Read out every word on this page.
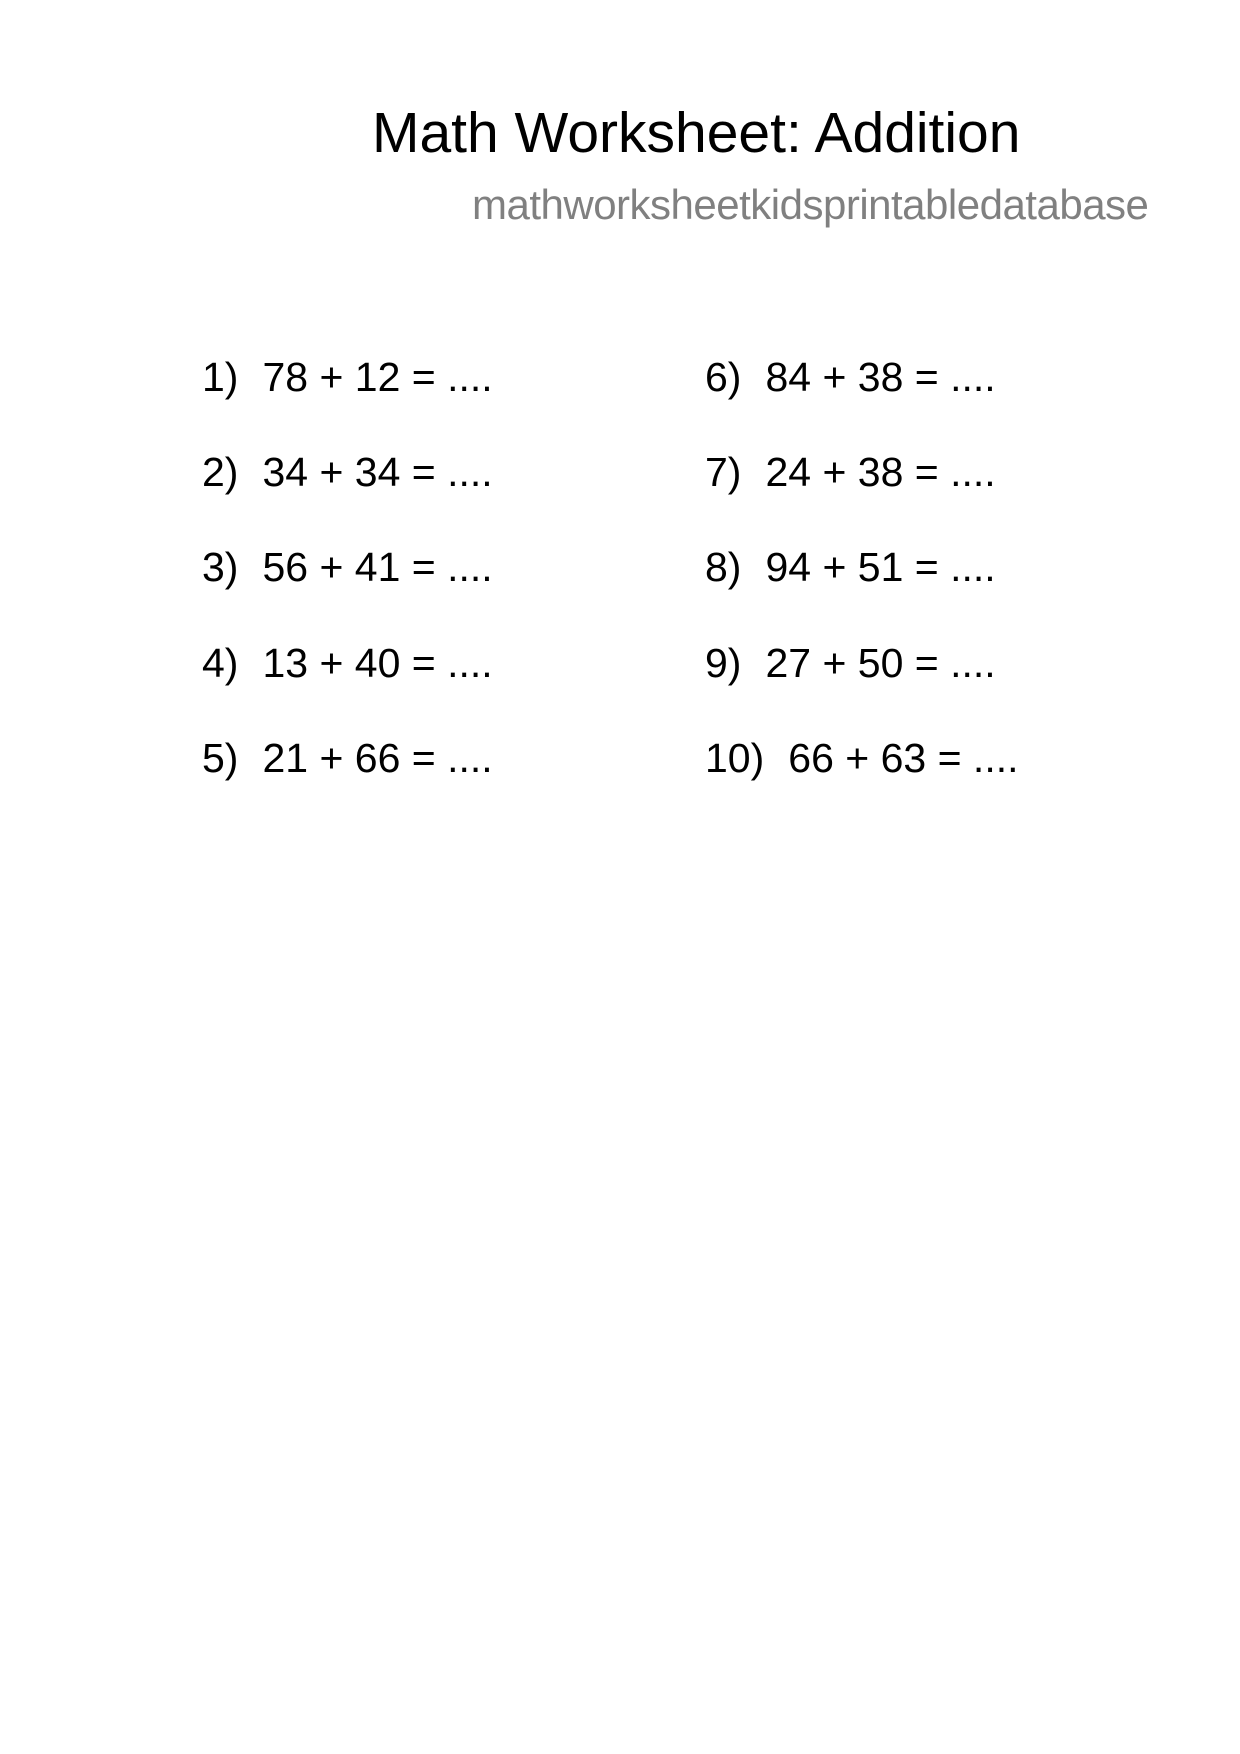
Math Worksheet: Addition
mathworksheetkidsprintabledatabase
1) 78 + 12 = ....
2) 34 + 34 = ....
3) 56 + 41 = ....
4) 13 + 40 = ....
5) 21 + 66 = ....
6) 84 + 38 = ....
7) 24 + 38 = ....
8) 94 + 51 = ....
9) 27 + 50 = ....
10) 66 + 63 = ....
